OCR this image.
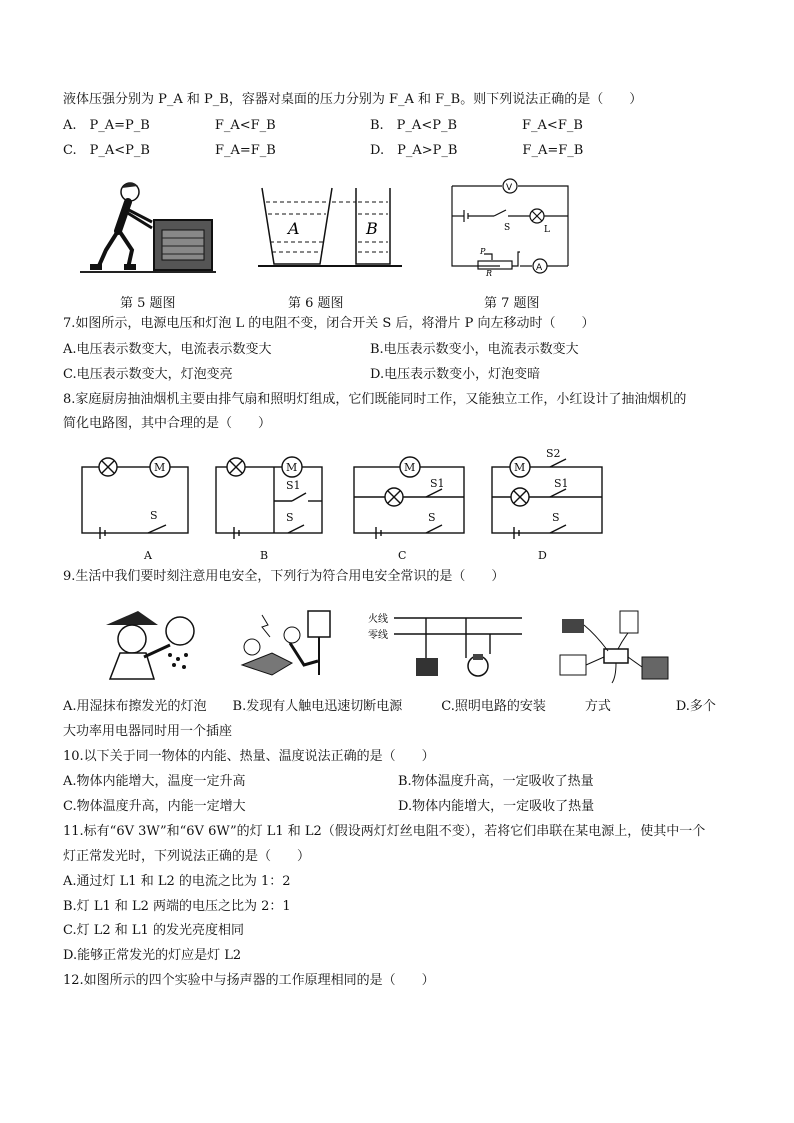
液体压强分别为 P_A 和 P_B，容器对桌面的压力分别为 F_A 和 F_B。则下列说法正确的是（　　）
A.　P_A=P_B　　　　　F_A<F_B	B.　P_A<P_B　　　　　F_A<F_B
C.　P_A<P_B　　　　　F_A=F_B	D.　P_A>P_B　　　　　F_A=F_B
第 5 题图
A	B
第 6 题图
V
S	L
P
R
A
第 7 题图
7.如图所示，电源电压和灯泡 L 的电阻不变，闭合开关 S 后，将滑片 P 向左移动时（　　）
A.电压表示数变大，电流表示数变大	B.电压表示数变小，电流表示数变大
C.电压表示数变大，灯泡变亮	D.电压表示数变小，灯泡变暗
8.家庭厨房抽油烟机主要由排气扇和照明灯组成，它们既能同时工作，又能独立工作，小红设计了抽油烟机的
简化电路图，其中合理的是（　　）
M
S
M
S1
S
M
S1
S
M
S2
S1
S
A	B	C	D
9.生活中我们要时刻注意用电安全，下列行为符合用电安全常识的是（　　）
火线
零线
A.用湿抹布擦发光的灯泡　　B.发现有人触电迅速切断电源　　　C.照明电路的安装　　　方式　　　　　D.多个
大功率用电器同时用一个插座
10.以下关于同一物体的内能、热量、温度说法正确的是（　　）
A.物体内能增大，温度一定升高	B.物体温度升高，一定吸收了热量
C.物体温度升高，内能一定增大	D.物体内能增大，一定吸收了热量
11.标有“6V 3W”和“6V 6W”的灯 L1 和 L2（假设两灯灯丝电阻不变），若将它们串联在某电源上，使其中一个
灯正常发光时，下列说法正确的是（　　）
A.通过灯 L1 和 L2 的电流之比为 1：2
B.灯 L1 和 L2 两端的电压之比为 2：1
C.灯 L2 和 L1 的发光亮度相同
D.能够正常发光的灯应是灯 L2
12.如图所示的四个实验中与扬声器的工作原理相同的是（　　）
